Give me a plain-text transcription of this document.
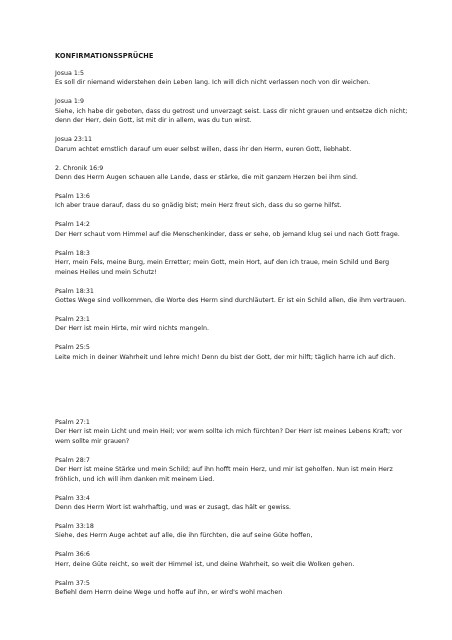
KONFIRMATIONSSPRÜCHE
Josua 1:5
Es soll dir niemand widerstehen dein Leben lang. Ich will dich nicht verlassen noch von dir weichen.
Josua 1:9
Siehe, ich habe dir geboten, dass du getrost und unverzagt seist. Lass dir nicht grauen und entsetze dich nicht; denn der Herr, dein Gott, ist mit dir in allem, was du tun wirst.
Josua 23:11
Darum achtet ernstlich darauf um euer selbst willen, dass ihr den Herrn, euren Gott, liebhabt.
2. Chronik 16:9
Denn des Herrn Augen schauen alle Lande, dass er stärke, die mit ganzem Herzen bei ihm sind.
Psalm 13:6
Ich aber traue darauf, dass du so gnädig bist; mein Herz freut sich, dass du so gerne hilfst.
Psalm 14:2
Der Herr schaut vom Himmel auf die Menschenkinder, dass er sehe, ob jemand klug sei und nach Gott frage.
Psalm 18:3
Herr, mein Fels, meine Burg, mein Erretter; mein Gott, mein Hort, auf den ich traue, mein Schild und Berg meines Heiles und mein Schutz!
Psalm 18:31
Gottes Wege sind vollkommen, die Worte des Herrn sind durchläutert. Er ist ein Schild allen, die ihm vertrauen.
Psalm 23:1
Der Herr ist mein Hirte, mir wird nichts mangeln.
Psalm 25:5
Leite mich in deiner Wahrheit und lehre mich! Denn du bist der Gott, der mir hilft; täglich harre ich auf dich.
Psalm 27:1
Der Herr ist mein Licht und mein Heil; vor wem sollte ich mich fürchten? Der Herr ist meines Lebens Kraft; vor wem sollte mir grauen?
Psalm 28:7
Der Herr ist meine Stärke und mein Schild; auf ihn hofft mein Herz, und mir ist geholfen. Nun ist mein Herz fröhlich, und ich will ihm danken mit meinem Lied.
Psalm 33:4
Denn des Herrn Wort ist wahrhaftig, und was er zusagt, das hält er gewiss.
Psalm 33:18
Siehe, des Herrn Auge achtet auf alle, die ihn fürchten, die auf seine Güte hoffen,
Psalm 36:6
Herr, deine Güte reicht, so weit der Himmel ist, und deine Wahrheit, so weit die Wolken gehen.
Psalm 37:5
Befiehl dem Herrn deine Wege und hoffe auf ihn, er wird's wohl machen
